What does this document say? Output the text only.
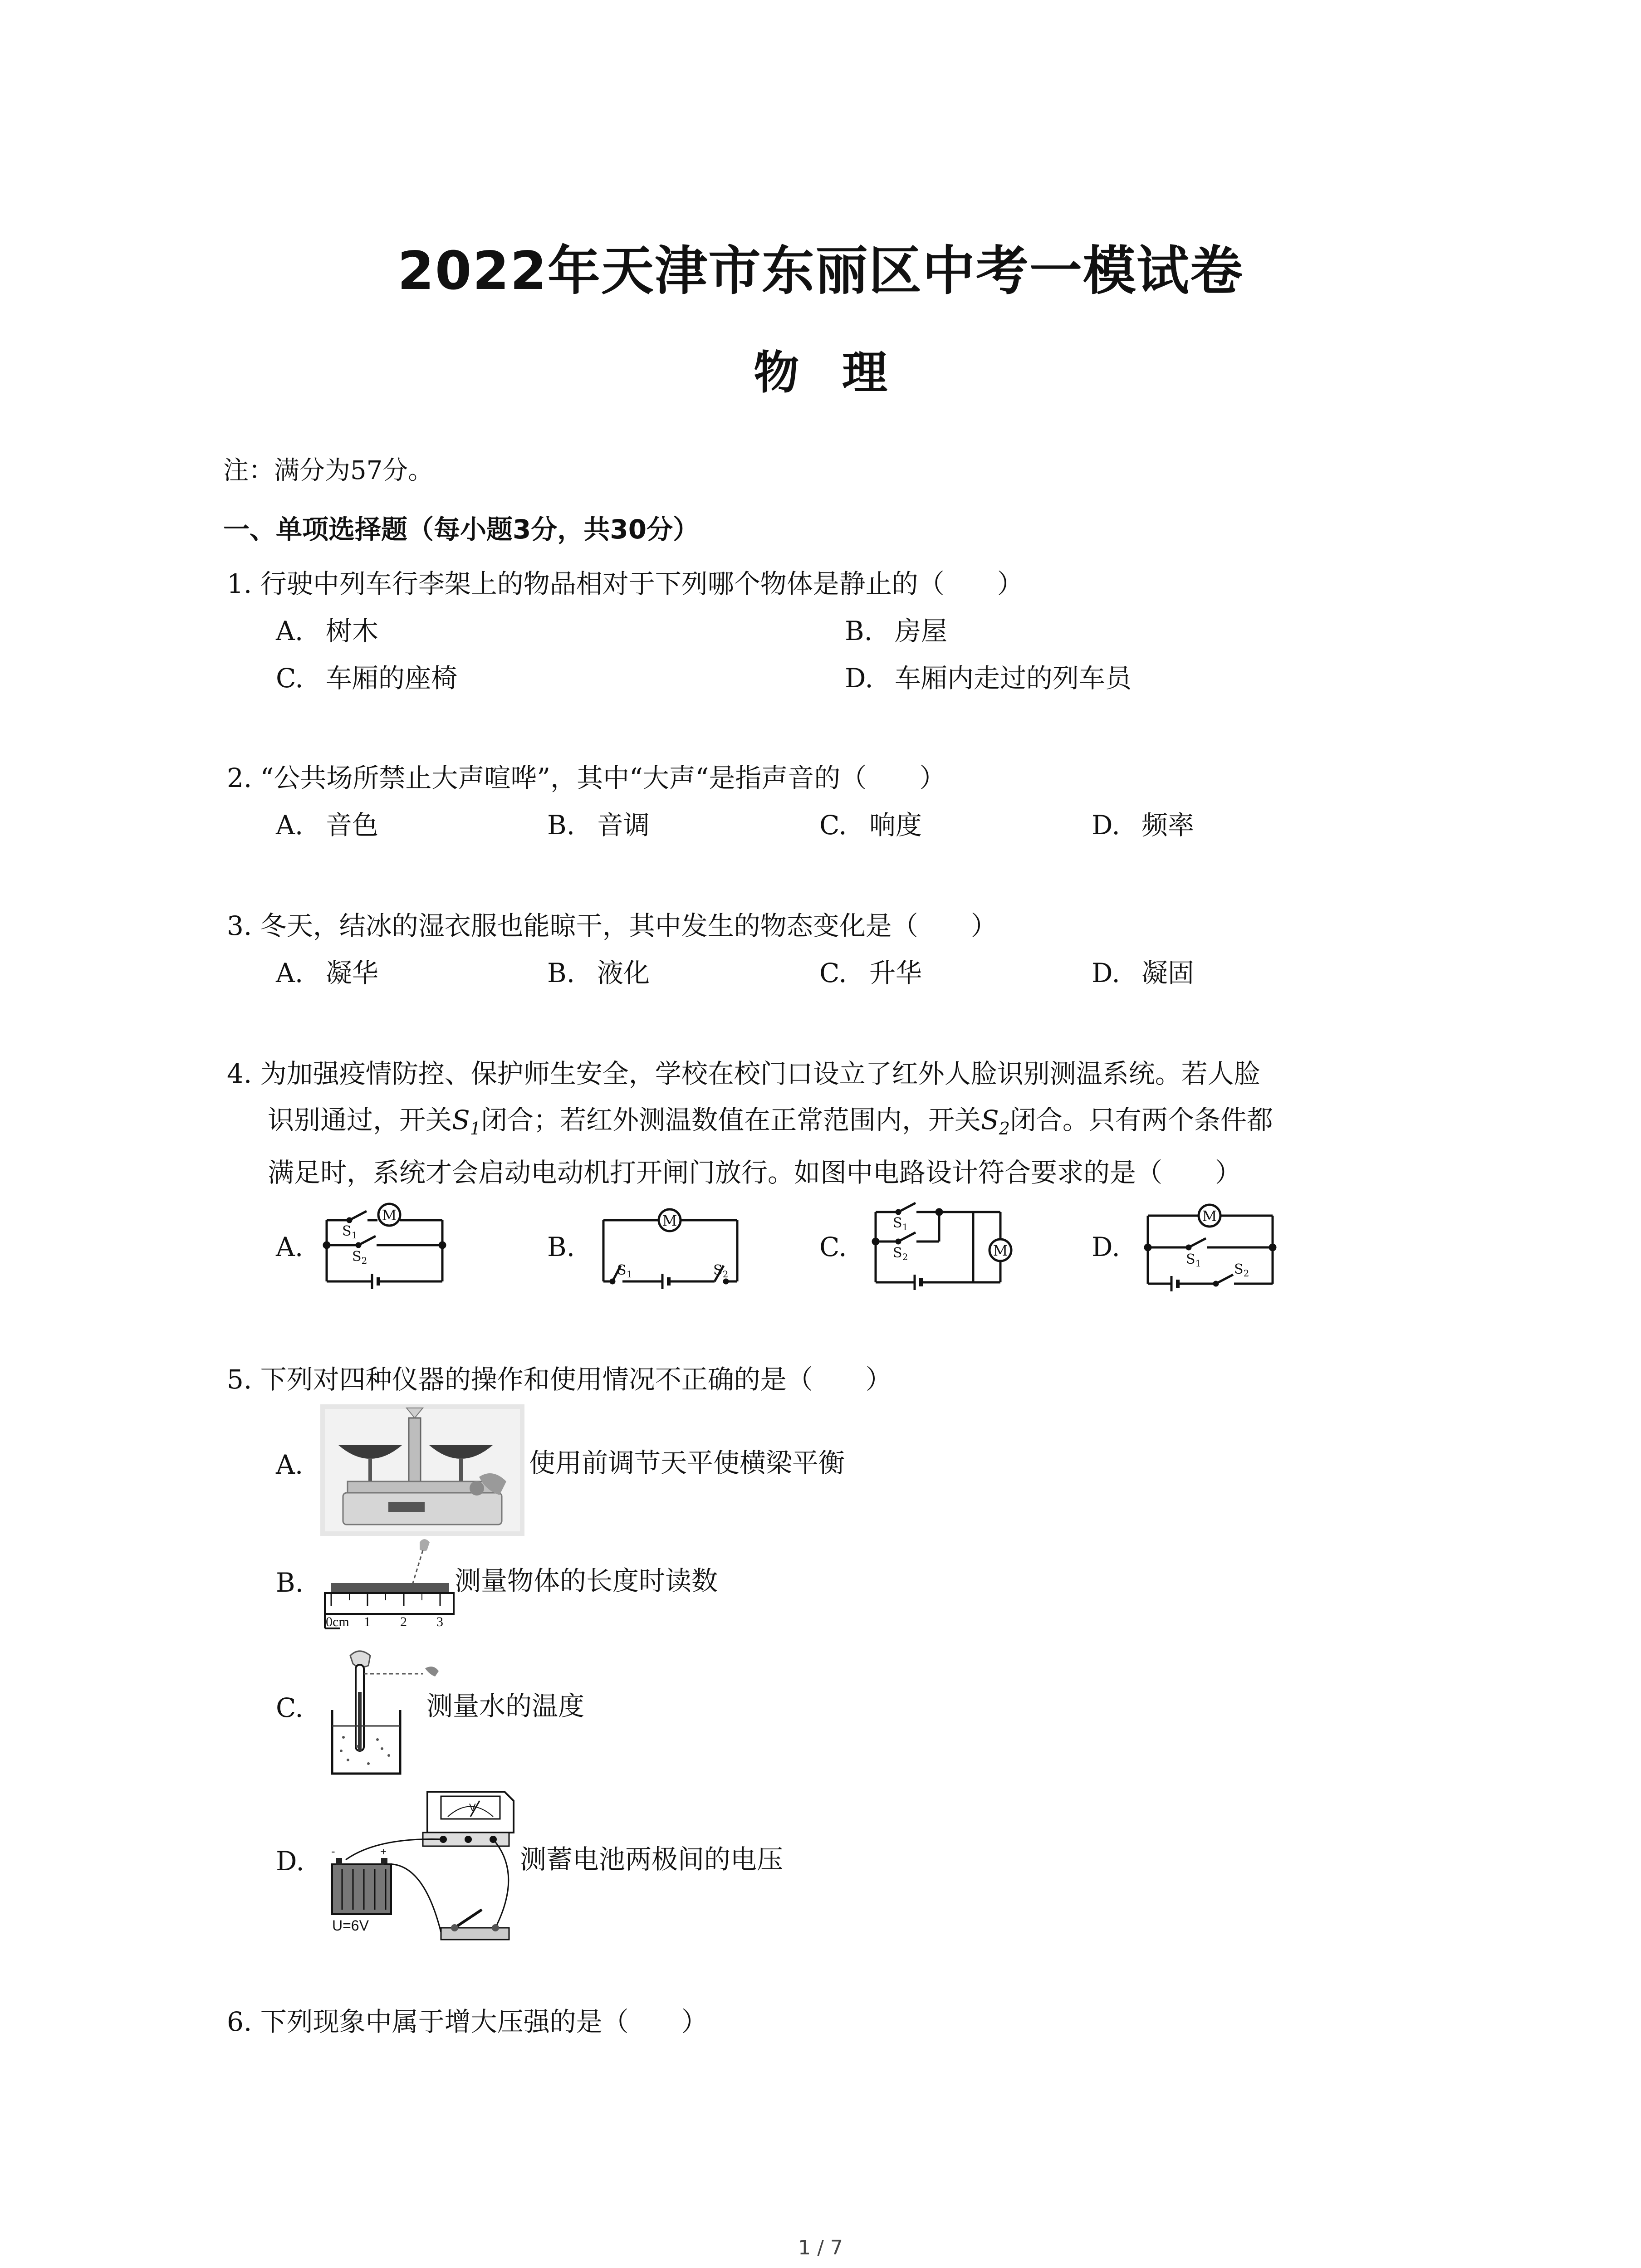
2022年天津市东丽区中考一模试卷
物 理
注：满分为57分。
一、单项选择题（每小题3分，共30分）
1. 行驶中列车行李架上的物品相对于下列哪个物体是静止的（　　）
A. 树木	B. 房屋
C. 车厢的座椅	D. 车厢内走过的列车员
2. “公共场所禁止大声喧哗”，其中“大声“是指声音的（　　）
A. 音色	B. 音调	C. 响度	D. 频率
3. 冬天，结冰的湿衣服也能晾干，其中发生的物态变化是（　　）
A. 凝华	B. 液化	C. 升华	D. 凝固
4. 为加强疫情防控、保护师生安全，学校在校门口设立了红外人脸识别测温系统。若人脸
识别通过，开关$S_1$闭合；若红外测温数值在正常范围内，开关$S_2$闭合。只有两个条件都
满足时，系统才会启动电动机打开闸门放行。如图中电路设计符合要求的是（　　）
A.
M
$S_1$
$S_2$	B.
M
$S_1$	$S_2$
C.	M
$S_1$
$S_2$	D.
M
$S_1$ $S_2$
5. 下列对四种仪器的操作和使用情况不正确的是（　　）
A.	使用前调节天平使横梁平衡
B.
0cm 1 2 3
测量物体的长度时读数
C.	测量水的温度
D.
V
-	+
U=6V
测蓄电池两极间的电压
6. 下列现象中属于增大压强的是（　　）
1 / 7
